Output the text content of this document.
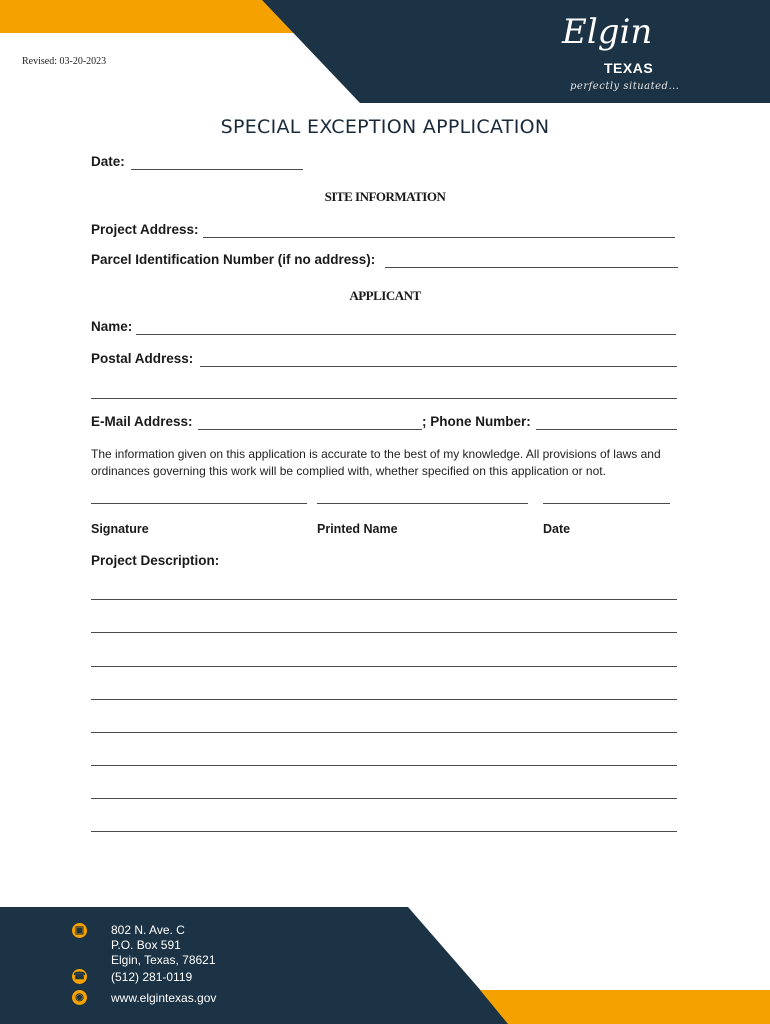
Revised: 03-20-2023
Elgin
TEXAS
perfectly situated...
SPECIAL EXCEPTION APPLICATION
Date:
SITE INFORMATION
Project Address:
Parcel Identification Number (if no address):
APPLICANT
Name:
Postal Address:
E-Mail Address:	; Phone Number:
The information given on this application is accurate to the best of my knowledge. All provisions of laws and ordinances governing this work will be complied with, whether specified on this application or not.
Signature	Printed Name	Date
Project Description:
▣
☎
◉
802 N. Ave. C
P.O. Box 591
Elgin, Texas, 78621
(512) 281-0119
www.elgintexas.gov
